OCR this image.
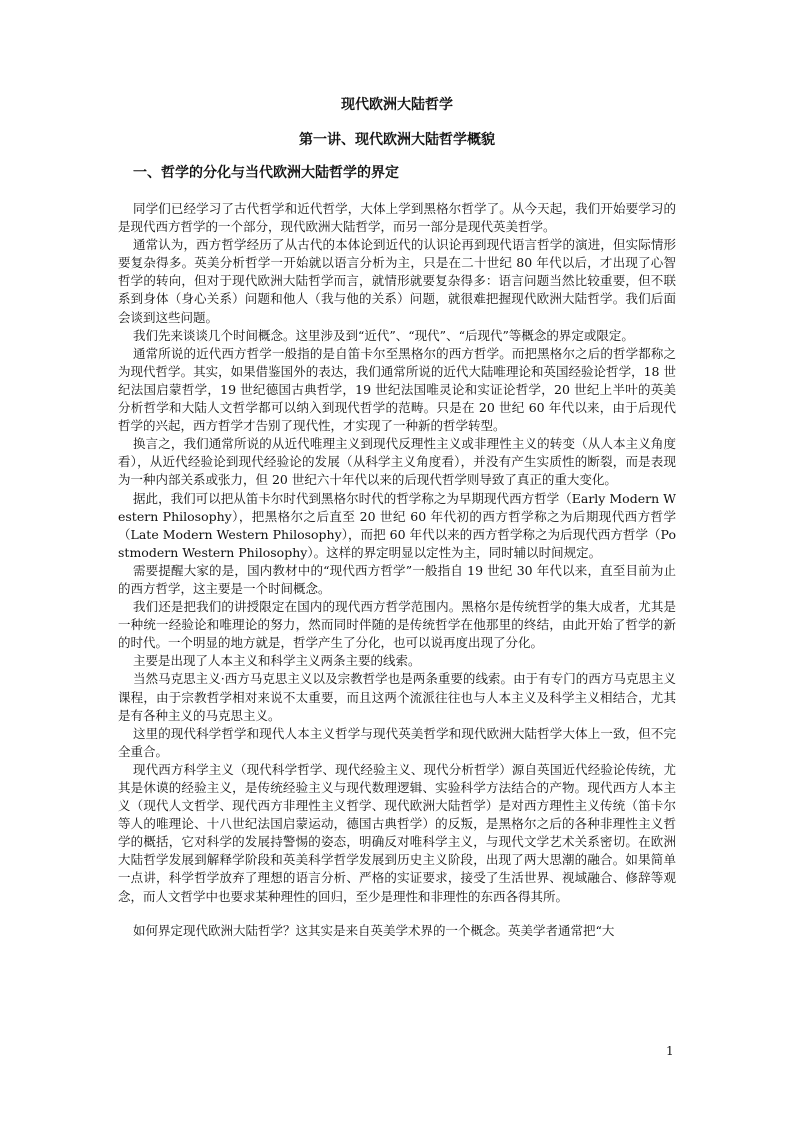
现代欧洲大陆哲学
第一讲、现代欧洲大陆哲学概貌
一、哲学的分化与当代欧洲大陆哲学的界定

同学们已经学习了古代哲学和近代哲学，大体上学到黑格尔哲学了。从今天起，我们开始要学习的是现代西方哲学的一个部分，现代欧洲大陆哲学，而另一部分是现代英美哲学。

通常认为，西方哲学经历了从古代的本体论到近代的认识论再到现代语言哲学的演进，但实际情形要复杂得多。英美分析哲学一开始就以语言分析为主，只是在二十世纪 80 年代以后，才出现了心智哲学的转向，但对于现代欧洲大陆哲学而言，就情形就要复杂得多：语言问题当然比较重要，但不联系到身体（身心关系）问题和他人（我与他的关系）问题，就很难把握现代欧洲大陆哲学。我们后面会谈到这些问题。

我们先来谈谈几个时间概念。这里涉及到“近代”、“现代”、“后现代”等概念的界定或限定。

通常所说的近代西方哲学一般指的是自笛卡尔至黑格尔的西方哲学。而把黑格尔之后的哲学都称之为现代哲学。其实，如果借鉴国外的表达，我们通常所说的近代大陆唯理论和英国经验论哲学，18 世纪法国启蒙哲学，19 世纪德国古典哲学，19 世纪法国唯灵论和实证论哲学，20 世纪上半叶的英美分析哲学和大陆人文哲学都可以纳入到现代哲学的范畴。只是在 20 世纪 60 年代以来，由于后现代哲学的兴起，西方哲学才告别了现代性，才实现了一种新的哲学转型。

换言之，我们通常所说的从近代唯理主义到现代反理性主义或非理性主义的转变（从人本主义角度看），从近代经验论到现代经验论的发展（从科学主义角度看），并没有产生实质性的断裂，而是表现为一种内部关系或张力，但 20 世纪六十年代以来的后现代哲学则导致了真正的重大变化。

据此，我们可以把从笛卡尔时代到黑格尔时代的哲学称之为早期现代西方哲学（Early Modern Western Philosophy），把黑格尔之后直至 20 世纪 60 年代初的西方哲学称之为后期现代西方哲学（Late Modern Western Philosophy），而把 60 年代以来的西方哲学称之为后现代西方哲学（Postmodern Western Philosophy）。这样的界定明显以定性为主，同时辅以时间规定。

需要提醒大家的是，国内教材中的“现代西方哲学”一般指自 19 世纪 30 年代以来，直至目前为止的西方哲学，这主要是一个时间概念。

我们还是把我们的讲授限定在国内的现代西方哲学范围内。黑格尔是传统哲学的集大成者，尤其是一种统一经验论和唯理论的努力，然而同时伴随的是传统哲学在他那里的终结，由此开始了哲学的新的时代。一个明显的地方就是，哲学产生了分化，也可以说再度出现了分化。

主要是出现了人本主义和科学主义两条主要的线索。

当然马克思主义·西方马克思主义以及宗教哲学也是两条重要的线索。由于有专门的西方马克思主义课程，由于宗教哲学相对来说不太重要，而且这两个流派往往也与人本主义及科学主义相结合，尤其是有各种主义的马克思主义。

这里的现代科学哲学和现代人本主义哲学与现代英美哲学和现代欧洲大陆哲学大体上一致，但不完全重合。

现代西方科学主义（现代科学哲学、现代经验主义、现代分析哲学）源自英国近代经验论传统，尤其是休谟的经验主义，是传统经验主义与现代数理逻辑、实验科学方法结合的产物。现代西方人本主义（现代人文哲学、现代西方非理性主义哲学、现代欧洲大陆哲学）是对西方理性主义传统（笛卡尔等人的唯理论、十八世纪法国启蒙运动，德国古典哲学）的反叛，是黑格尔之后的各种非理性主义哲学的概括，它对科学的发展持警惕的姿态，明确反对唯科学主义，与现代文学艺术关系密切。在欧洲大陆哲学发展到解释学阶段和英美科学哲学发展到历史主义阶段，出现了两大思潮的融合。如果简单一点讲，科学哲学放弃了理想的语言分析、严格的实证要求，接受了生活世界、视域融合、修辞等观念，而人文哲学中也要求某种理性的回归，至少是理性和非理性的东西各得其所。

如何界定现代欧洲大陆哲学？这其实是来自英美学术界的一个概念。英美学者通常把“大

1
